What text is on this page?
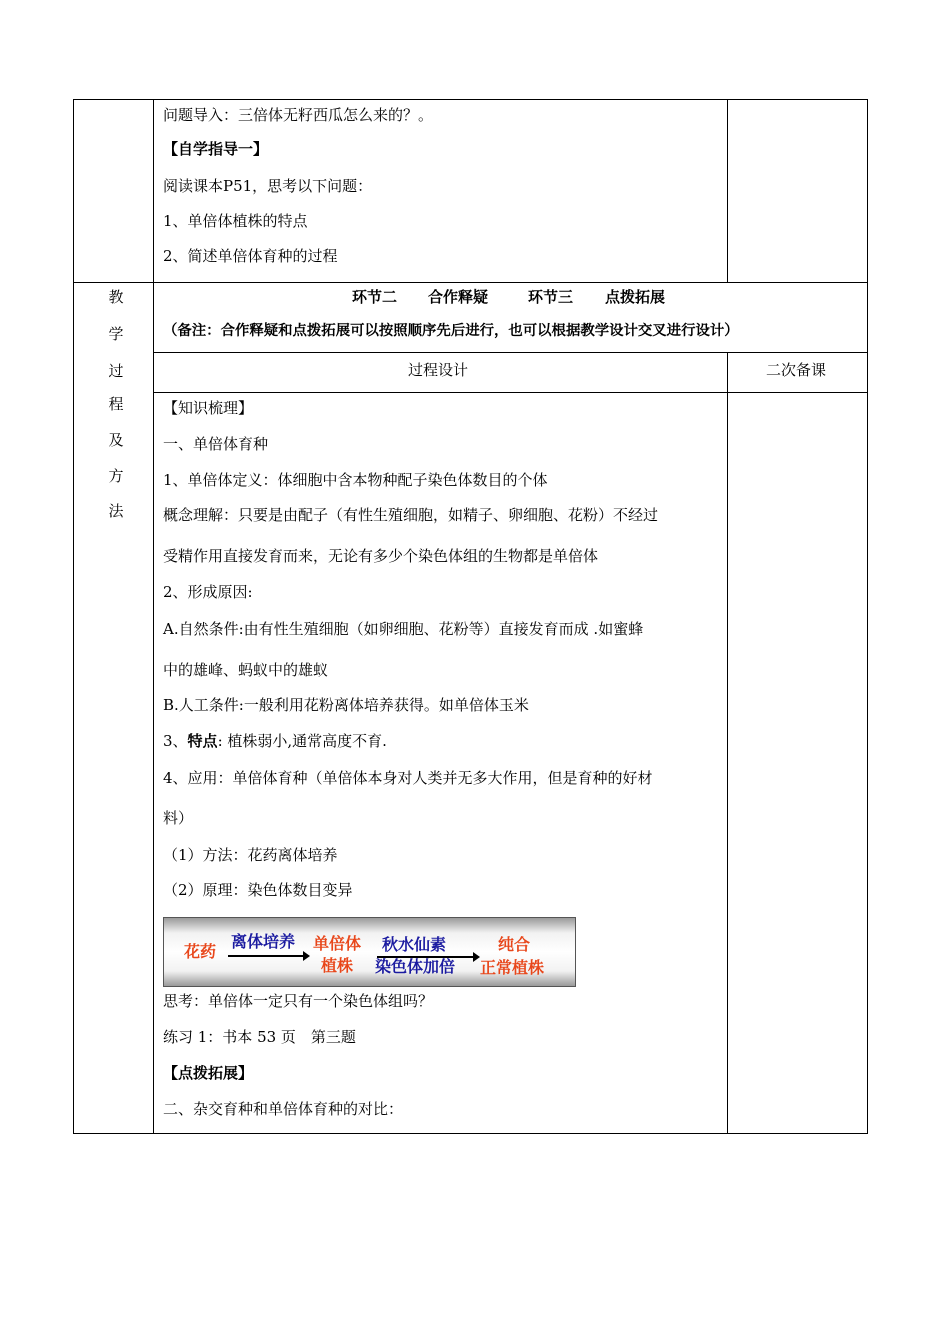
问题导入：三倍体无籽西瓜怎么来的？。
【自学指导一】
阅读课本P51，思考以下问题：
1、单倍体植株的特点
2、简述单倍体育种的过程
教
学
过
程
及
方
法
环节二 合作释疑	环节三 点拨拓展
（备注：合作释疑和点拨拓展可以按照顺序先后进行，也可以根据教学设计交叉进行设计）
过程设计	二次备课
【知识梳理】
一、单倍体育种
1、单倍体定义：体细胞中含本物种配子染色体数目的个体
概念理解：只要是由配子（有性生殖细胞，如精子、卵细胞、花粉）不经过
受精作用直接发育而来，无论有多少个染色体组的生物都是单倍体
2、形成原因:
A.自然条件:由有性生殖细胞（如卵细胞、花粉等）直接发育而成 .如蜜蜂
中的雄峰、蚂蚁中的雄蚁
B.人工条件:一般利用花粉离体培养获得。如单倍体玉米
3、特点: 植株弱小,通常高度不育.
4、应用：单倍体育种（单倍体本身对人类并无多大作用，但是育种的好材
料）
（1）方法：花药离体培养
（2）原理：染色体数目变异
花药
离体培养 单倍体
植株
秋水仙素
染色体加倍
纯合
正常植株
思考：单倍体一定只有一个染色体组吗？
练习 1：书本 53 页　第三题
【点拨拓展】
二、杂交育种和单倍体育种的对比：
